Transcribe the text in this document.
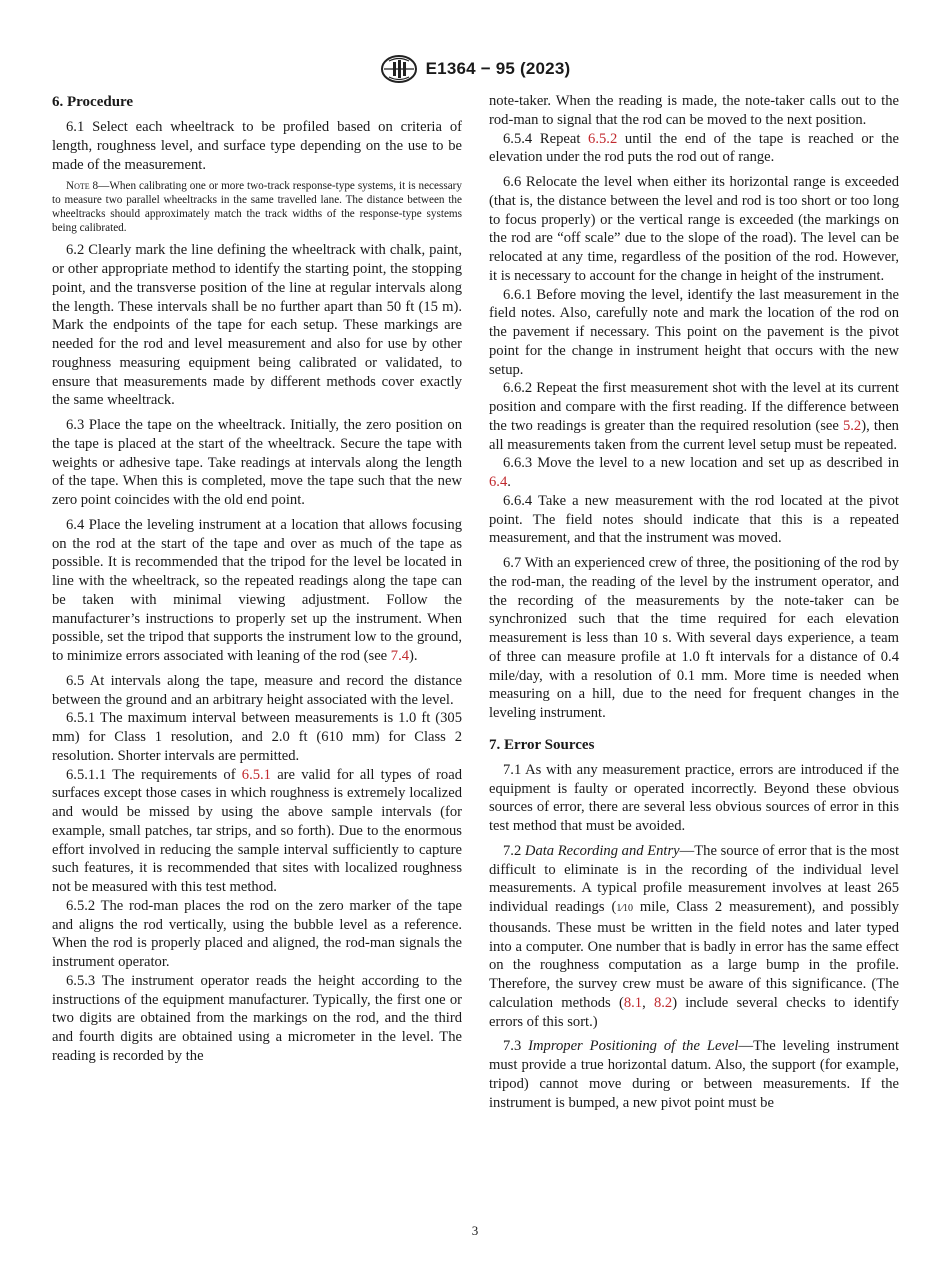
E1364 − 95 (2023)
6. Procedure

6.1 Select each wheeltrack to be profiled based on criteria of length, roughness level, and surface type depending on the use to be made of the measurement.

Note 8—When calibrating one or more two-track response-type systems, it is necessary to measure two parallel wheeltracks in the same travelled lane. The distance between the wheeltracks should approximately match the track widths of the response-type systems being calibrated.

6.2 Clearly mark the line defining the wheeltrack with chalk, paint, or other appropriate method to identify the starting point, the stopping point, and the transverse position of the line at regular intervals along the length. These intervals shall be no further apart than 50 ft (15 m). Mark the endpoints of the tape for each setup. These markings are needed for the rod and level measurement and also for use by other roughness measuring equipment being calibrated or validated, to ensure that measurements made by different methods cover exactly the same wheeltrack.

6.3 Place the tape on the wheeltrack. Initially, the zero position on the tape is placed at the start of the wheeltrack. Secure the tape with weights or adhesive tape. Take readings at intervals along the length of the tape. When this is completed, move the tape such that the new zero point coincides with the old end point.

6.4 Place the leveling instrument at a location that allows focusing on the rod at the start of the tape and over as much of the tape as possible. It is recommended that the tripod for the level be located in line with the wheeltrack, so the repeated readings along the tape can be taken with minimal viewing adjustment. Follow the manufacturer’s instructions to properly set up the instrument. When possible, set the tripod that supports the instrument low to the ground, to minimize errors associated with leaning of the rod (see 7.4).

6.5 At intervals along the tape, measure and record the distance between the ground and an arbitrary height associated with the level.

6.5.1 The maximum interval between measurements is 1.0 ft (305 mm) for Class 1 resolution, and 2.0 ft (610 mm) for Class 2 resolution. Shorter intervals are permitted.

6.5.1.1 The requirements of 6.5.1 are valid for all types of road surfaces except those cases in which roughness is extremely localized and would be missed by using the above sample intervals (for example, small patches, tar strips, and so forth). Due to the enormous effort involved in reducing the sample interval sufficiently to capture such features, it is recommended that sites with localized roughness not be measured with this test method.

6.5.2 The rod-man places the rod on the zero marker of the tape and aligns the rod vertically, using the bubble level as a reference. When the rod is properly placed and aligned, the rod-man signals the instrument operator.

6.5.3 The instrument operator reads the height according to the instructions of the equipment manufacturer. Typically, the first one or two digits are obtained from the markings on the rod, and the third and fourth digits are obtained using a micrometer in the level. The reading is recorded by the

note-taker. When the reading is made, the note-taker calls out to the rod-man to signal that the rod can be moved to the next position.

6.5.4 Repeat 6.5.2 until the end of the tape is reached or the elevation under the rod puts the rod out of range.

6.6 Relocate the level when either its horizontal range is exceeded (that is, the distance between the level and rod is too short or too long to focus properly) or the vertical range is exceeded (the markings on the rod are “off scale” due to the slope of the road). The level can be relocated at any time, regardless of the position of the rod. However, it is necessary to account for the change in height of the instrument.

6.6.1 Before moving the level, identify the last measurement in the field notes. Also, carefully note and mark the location of the rod on the pavement if necessary. This point on the pavement is the pivot point for the change in instrument height that occurs with the new setup.

6.6.2 Repeat the first measurement shot with the level at its current position and compare with the first reading. If the difference between the two readings is greater than the required resolution (see 5.2), then all measurements taken from the current level setup must be repeated.

6.6.3 Move the level to a new location and set up as described in 6.4.

6.6.4 Take a new measurement with the rod located at the pivot point. The field notes should indicate that this is a repeated measurement, and that the instrument was moved.

6.7 With an experienced crew of three, the positioning of the rod by the rod-man, the reading of the level by the instrument operator, and the recording of the measurements by the note-taker can be synchronized such that the time required for each elevation measurement is less than 10 s. With several days experience, a team of three can measure profile at 1.0 ft intervals for a distance of 0.4 mile/day, with a resolution of 0.1 mm. More time is needed when measuring on a hill, due to the need for frequent changes in the leveling instrument.

7. Error Sources

7.1 As with any measurement practice, errors are introduced if the equipment is faulty or operated incorrectly. Beyond these obvious sources of error, there are several less obvious sources of error in this test method that must be avoided.

7.2 Data Recording and Entry—The source of error that is the most difficult to eliminate is in the recording of the individual level measurements. A typical profile measurement involves at least 265 individual readings (1⁄10 mile, Class 2 measurement), and possibly thousands. These must be written in the field notes and later typed into a computer. One number that is badly in error has the same effect on the roughness computation as a large bump in the profile. Therefore, the survey crew must be aware of this significance. (The calculation methods (8.1, 8.2) include several checks to identify errors of this sort.)

7.3 Improper Positioning of the Level—The leveling instrument must provide a true horizontal datum. Also, the support (for example, tripod) cannot move during or between measurements. If the instrument is bumped, a new pivot point must be

3
